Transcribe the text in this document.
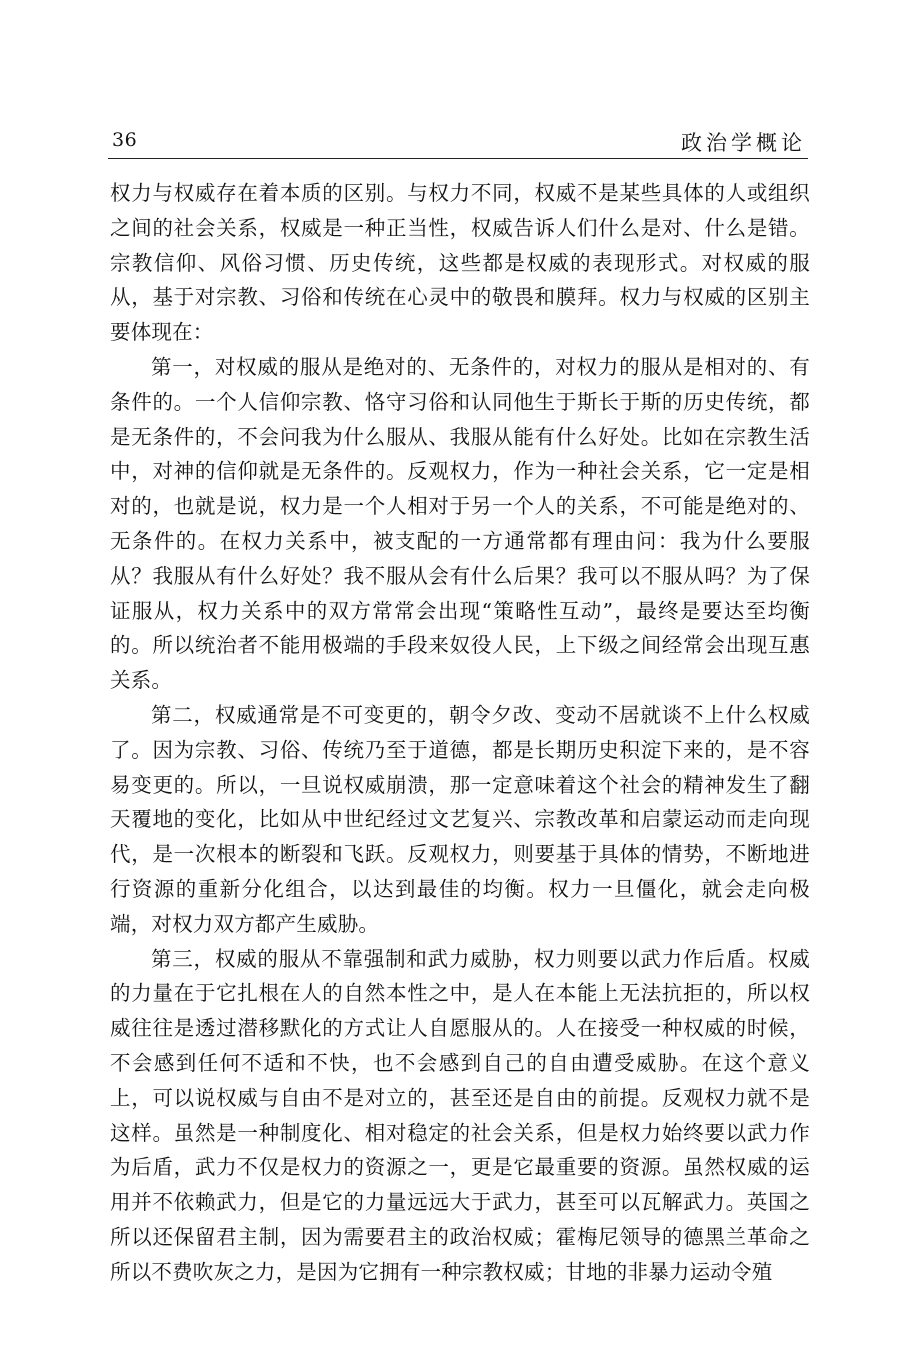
36	政治学概论

权力与权威存在着本质的区别。与权力不同，权威不是某些具体的人或组织之间的社会关系，权威是一种正当性，权威告诉人们什么是对、什么是错。宗教信仰、风俗习惯、历史传统，这些都是权威的表现形式。对权威的服从，基于对宗教、习俗和传统在心灵中的敬畏和膜拜。权力与权威的区别主要体现在：

第一，对权威的服从是绝对的、无条件的，对权力的服从是相对的、有条件的。一个人信仰宗教、恪守习俗和认同他生于斯长于斯的历史传统，都是无条件的，不会问我为什么服从、我服从能有什么好处。比如在宗教生活中，对神的信仰就是无条件的。反观权力，作为一种社会关系，它一定是相对的，也就是说，权力是一个人相对于另一个人的关系，不可能是绝对的、无条件的。在权力关系中，被支配的一方通常都有理由问：我为什么要服从？我服从有什么好处？我不服从会有什么后果？我可以不服从吗？为了保证服从，权力关系中的双方常常会出现“策略性互动”，最终是要达至均衡的。所以统治者不能用极端的手段来奴役人民，上下级之间经常会出现互惠关系。

第二，权威通常是不可变更的，朝令夕改、变动不居就谈不上什么权威了。因为宗教、习俗、传统乃至于道德，都是长期历史积淀下来的，是不容易变更的。所以，一旦说权威崩溃，那一定意味着这个社会的精神发生了翻天覆地的变化，比如从中世纪经过文艺复兴、宗教改革和启蒙运动而走向现代，是一次根本的断裂和飞跃。反观权力，则要基于具体的情势，不断地进行资源的重新分化组合，以达到最佳的均衡。权力一旦僵化，就会走向极端，对权力双方都产生威胁。

第三，权威的服从不靠强制和武力威胁，权力则要以武力作后盾。权威的力量在于它扎根在人的自然本性之中，是人在本能上无法抗拒的，所以权威往往是透过潜移默化的方式让人自愿服从的。人在接受一种权威的时候，不会感到任何不适和不快，也不会感到自己的自由遭受威胁。在这个意义上，可以说权威与自由不是对立的，甚至还是自由的前提。反观权力就不是这样。虽然是一种制度化、相对稳定的社会关系，但是权力始终要以武力作为后盾，武力不仅是权力的资源之一，更是它最重要的资源。虽然权威的运用并不依赖武力，但是它的力量远远大于武力，甚至可以瓦解武力。英国之所以还保留君主制，因为需要君主的政治权威；霍梅尼领导的德黑兰革命之所以不费吹灰之力，是因为它拥有一种宗教权威；甘地的非暴力运动令殖
